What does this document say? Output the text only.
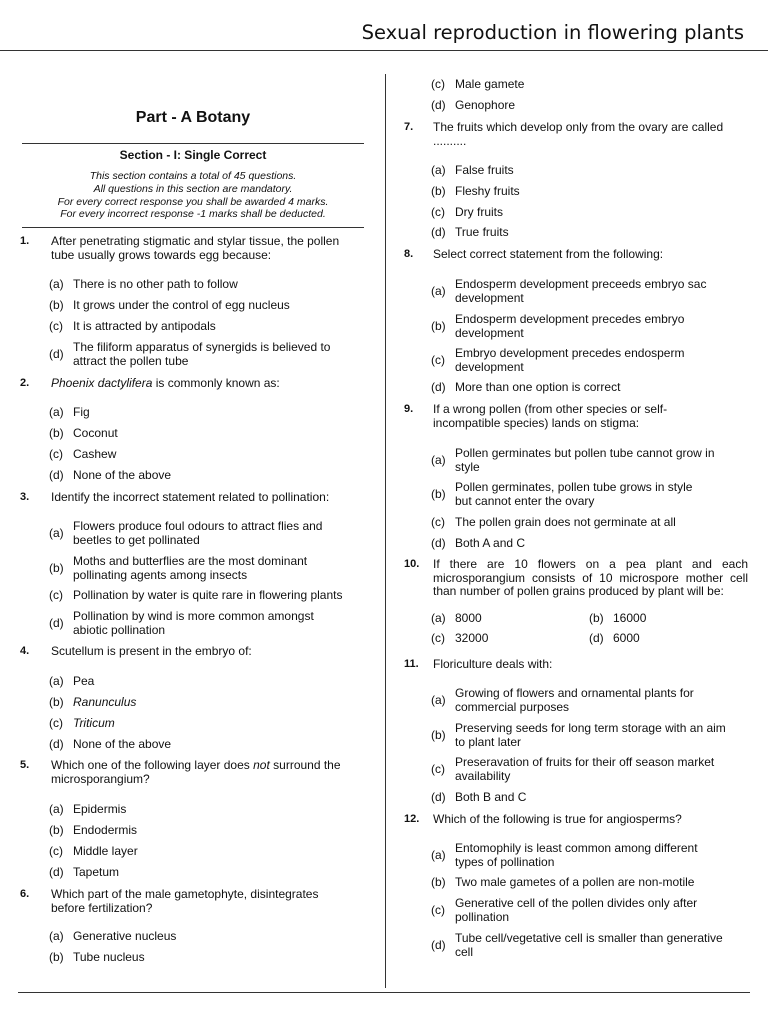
Sexual reproduction in flowering plants
Part - A Botany
Section - I: Single Correct
This section contains a total of 45 questions.
All questions in this section are mandatory.
For every correct response you shall be awarded 4 marks.
For every incorrect response -1 marks shall be deducted.
1. After penetrating stigmatic and stylar tissue, the pollen
tube usually grows towards egg because:
(a) There is no other path to follow
(b) It grows under the control of egg nucleus
(c) It is attracted by antipodals
(d) The filiform apparatus of synergids is believed to
attract the pollen tube
2. Phoenix dactylifera is commonly known as:
(a) Fig
(b) Coconut
(c) Cashew
(d) None of the above
3. Identify the incorrect statement related to pollination:
(a) Flowers produce foul odours to attract flies and
beetles to get pollinated
(b) Moths and butterflies are the most dominant
pollinating agents among insects
(c) Pollination by water is quite rare in flowering plants
(d) Pollination by wind is more common amongst
abiotic pollination
4. Scutellum is present in the embryo of:
(a) Pea
(b) Ranunculus
(c) Triticum
(d) None of the above
5. Which one of the following layer does not surround the
microsporangium?
(a) Epidermis
(b) Endodermis
(c) Middle layer
(d) Tapetum
6. Which part of the male gametophyte, disintegrates
before fertilization?
(a) Generative nucleus
(b) Tube nucleus
(c) Male gamete
(d) Genophore
7. The fruits which develop only from the ovary are called
..........
(a) False fruits
(b) Fleshy fruits
(c) Dry fruits
(d) True fruits
8. Select correct statement from the following:
(a) Endosperm development preceeds embryo sac
development
(b) Endosperm development precedes embryo
development
(c) Embryo development precedes endosperm
development
(d) More than one option is correct
9. If a wrong pollen (from other species or self-
incompatible species) lands on stigma:
(a) Pollen germinates but pollen tube cannot grow in
style
(b) Pollen germinates, pollen tube grows in style
but cannot enter the ovary
(c) The pollen grain does not germinate at all
(d) Both A and C
10. If there are 10 flowers on a pea plant and each
microsporangium consists of 10 microspore mother cell
than number of pollen grains produced by plant will be:
(a) 8000	(b) 16000
(c) 32000	(d) 6000
11. Floriculture deals with:
(a) Growing of flowers and ornamental plants for
commercial purposes
(b) Preserving seeds for long term storage with an aim
to plant later
(c) Preseravation of fruits for their off season market
availability
(d) Both B and C
12. Which of the following is true for angiosperms?
(a) Entomophily is least common among different
types of pollination
(b) Two male gametes of a pollen are non-motile
(c) Generative cell of the pollen divides only after
pollination
(d) Tube cell/vegetative cell is smaller than generative
cell
